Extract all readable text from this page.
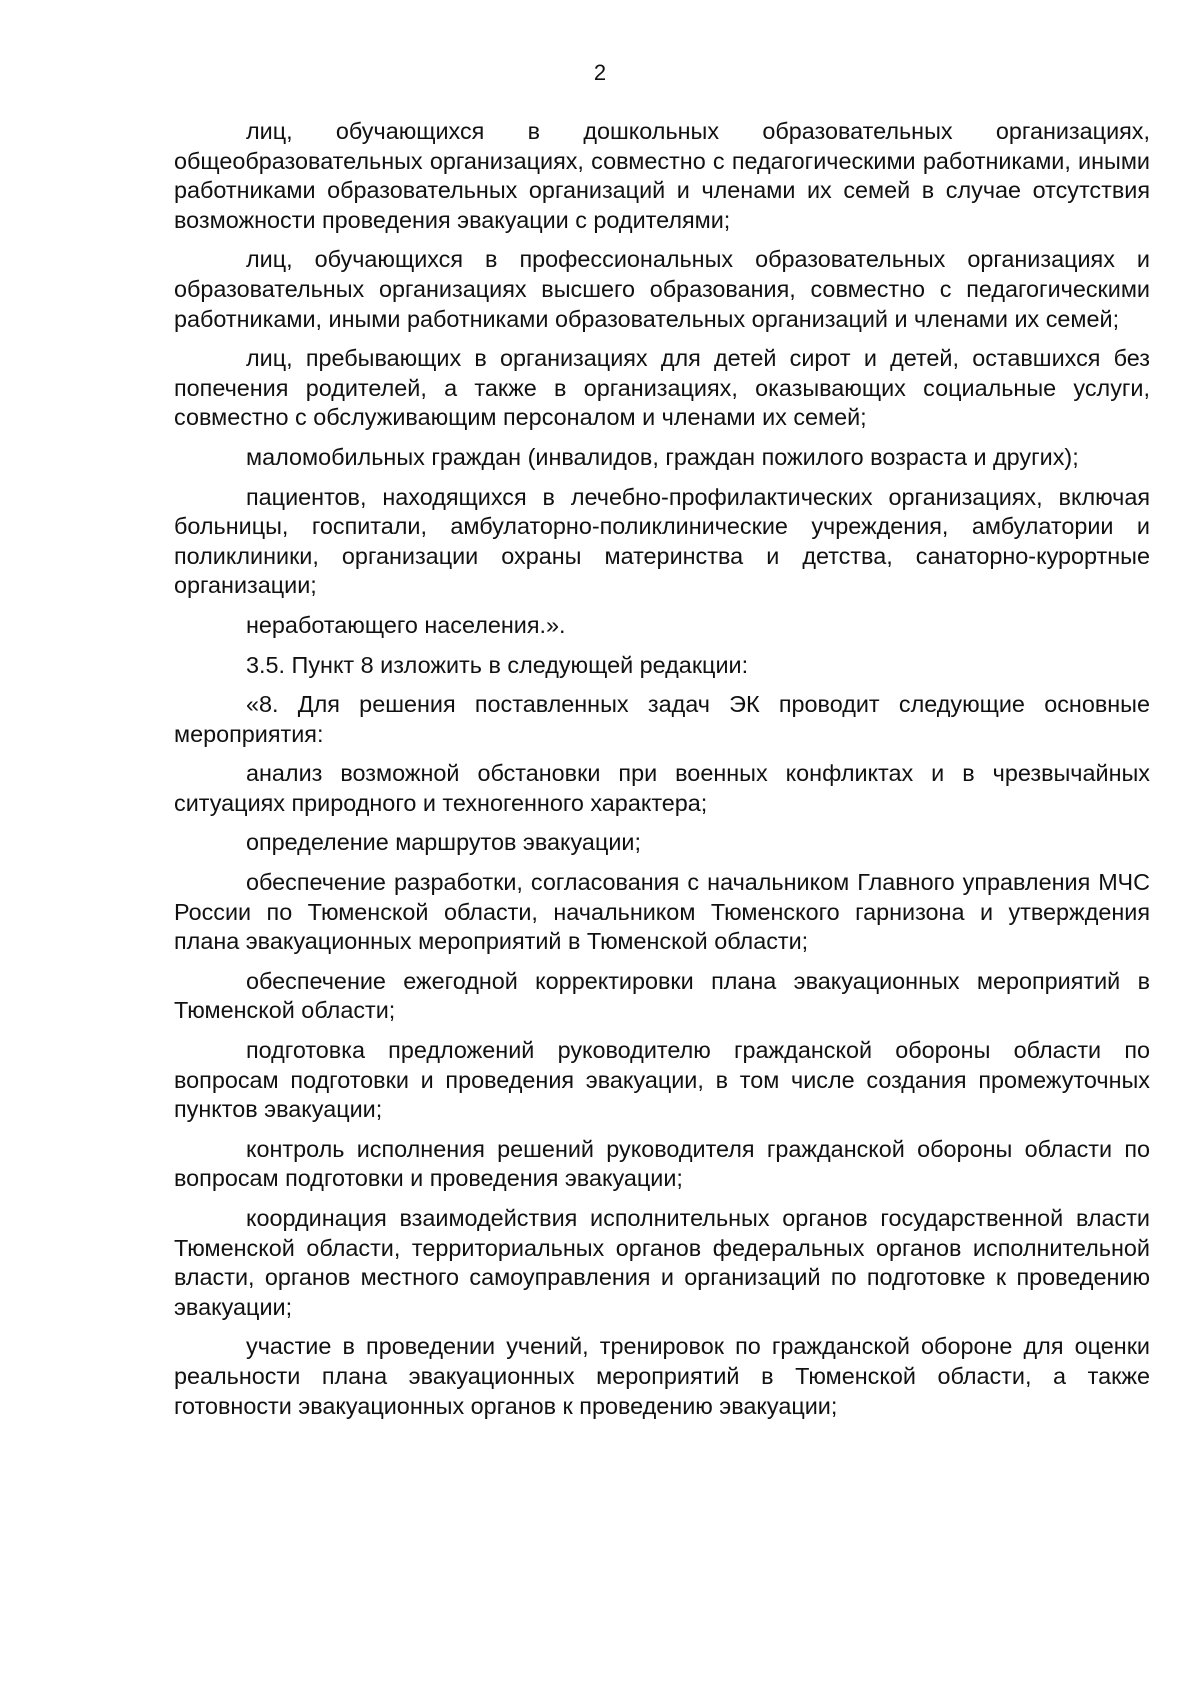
2

лиц, обучающихся в дошкольных образовательных организациях, общеобразовательных организациях, совместно с педагогическими работниками, иными работниками образовательных организаций и членами их семей в случае отсутствия возможности проведения эвакуации с родителями;

лиц, обучающихся в профессиональных образовательных организациях и образовательных организациях высшего образования, совместно с педагогическими работниками, иными работниками образовательных организаций и членами их семей;

лиц, пребывающих в организациях для детей сирот и детей, оставшихся без попечения родителей, а также в организациях, оказывающих социальные услуги, совместно с обслуживающим персоналом и членами их семей;

маломобильных граждан (инвалидов, граждан пожилого возраста и других);

пациентов, находящихся в лечебно-профилактических организациях, включая больницы, госпитали, амбулаторно-поликлинические учреждения, амбулатории и поликлиники, организации охраны материнства и детства, санаторно-курортные организации;

неработающего населения.».

3.5. Пункт 8 изложить в следующей редакции:

«8. Для решения поставленных задач ЭК проводит следующие основные мероприятия:

анализ возможной обстановки при военных конфликтах и в чрезвычайных ситуациях природного и техногенного характера;

определение маршрутов эвакуации;

обеспечение разработки, согласования с начальником Главного управления МЧС России по Тюменской области, начальником Тюменского гарнизона и утверждения плана эвакуационных мероприятий в Тюменской области;

обеспечение ежегодной корректировки плана эвакуационных мероприятий в Тюменской области;

подготовка предложений руководителю гражданской обороны области по вопросам подготовки и проведения эвакуации, в том числе создания промежуточных пунктов эвакуации;

контроль исполнения решений руководителя гражданской обороны области по вопросам подготовки и проведения эвакуации;

координация взаимодействия исполнительных органов государственной власти Тюменской области, территориальных органов федеральных органов исполнительной власти, органов местного самоуправления и организаций по подготовке к проведению эвакуации;

участие в проведении учений, тренировок по гражданской обороне для оценки реальности плана эвакуационных мероприятий в Тюменской области, а также готовности эвакуационных органов к проведению эвакуации;
